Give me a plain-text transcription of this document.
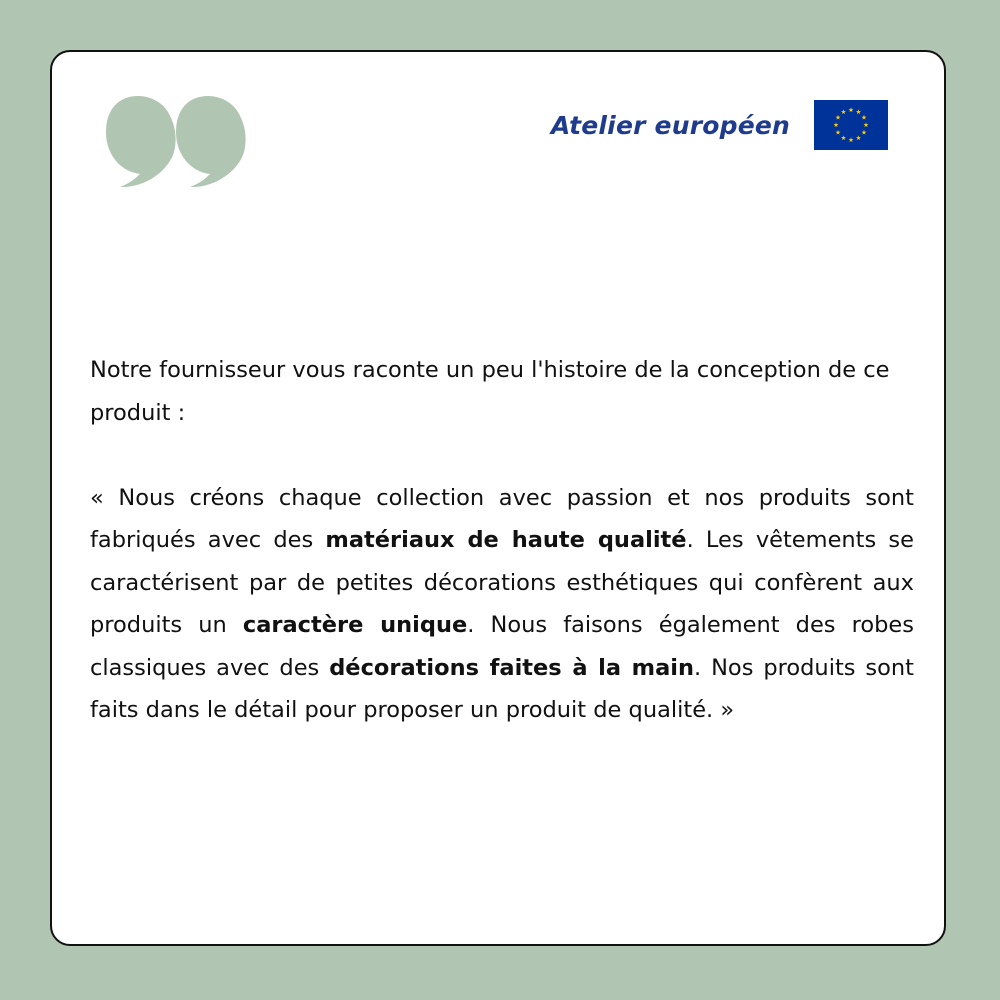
Atelier européen

Notre fournisseur vous raconte un peu l'histoire de la conception de ce produit :

« Nous créons chaque collection avec passion et nos produits sont fabriqués avec des matériaux de haute qualité. Les vêtements se caractérisent par de petites décorations esthétiques qui confèrent aux produits un caractère unique. Nous faisons également des robes classiques avec des décorations faites à la main. Nos produits sont faits dans le détail pour proposer un produit de qualité. »
